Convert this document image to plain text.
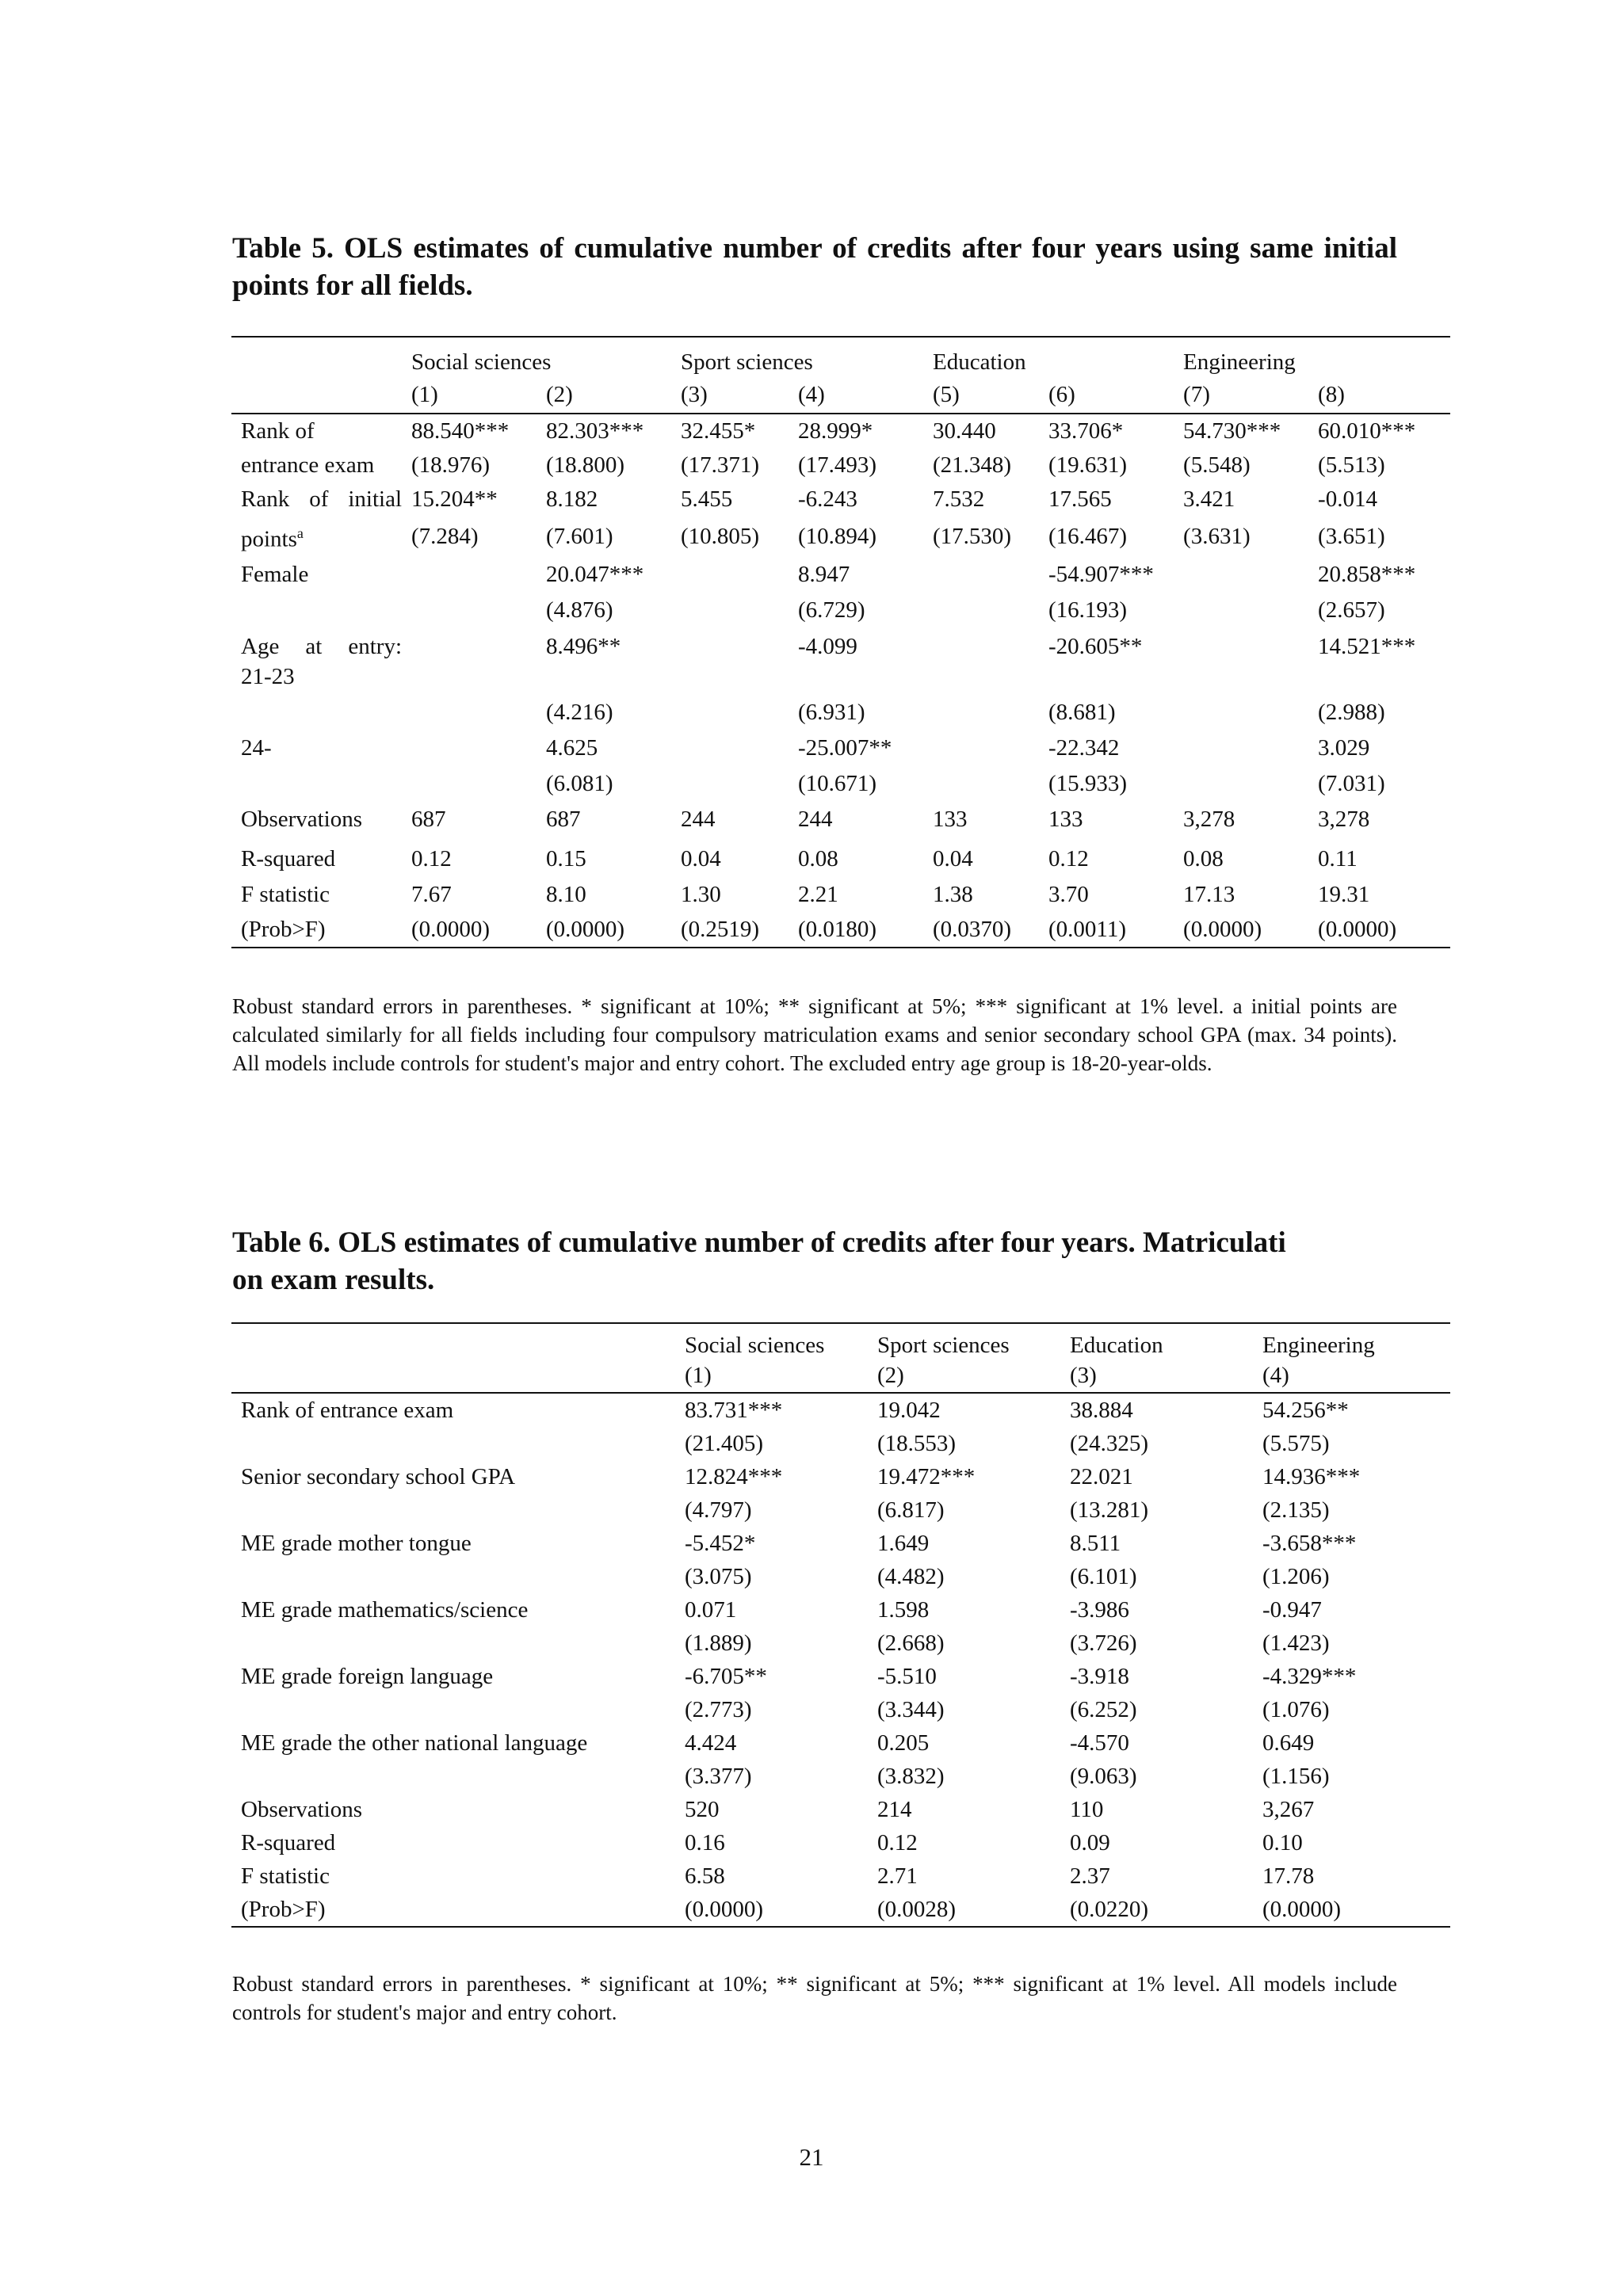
Table 5. OLS estimates of cumulative number of credits after four years using same initial points for all fields.

	Social sciences		Sport sciences		Education		Engineering	
	(1)	(2)	(3)	(4)	(5)	(6)	(7)	(8)
Rank of	88.540***	82.303***	32.455*	28.999*	30.440	33.706*	54.730***	60.010***
entrance exam	(18.976)	(18.800)	(17.371)	(17.493)	(21.348)	(19.631)	(5.548)	(5.513)

Rank of initial
points$^a$	15.204**	8.182	5.455	-6.243	7.532	17.565	3.421	-0.014
	(7.284)	(7.601)	(10.805)	(10.894)	(17.530)	(16.467)	(3.631)	(3.651)
Female		20.047***		8.947		-54.907***		20.858***
		(4.876)		(6.729)		(16.193)		(2.657)

Age at entry:
21-23		8.496**		-4.099		-20.605**		14.521***
		(4.216)		(6.931)		(8.681)		(2.988)
24-		4.625		-25.007**		-22.342		3.029
		(6.081)		(10.671)		(15.933)		(7.031)
Observations	687	687	244	244	133	133	3,278	3,278
R-squared	0.12	0.15	0.04	0.08	0.04	0.12	0.08	0.11
F statistic	7.67	8.10	1.30	2.21	1.38	3.70	17.13	19.31
(Prob>F)	(0.0000)	(0.0000)	(0.2519)	(0.0180)	(0.0370)	(0.0011)	(0.0000)	(0.0000)

Robust standard errors in parentheses. * significant at 10%; ** significant at 5%; *** significant at 1% level. a initial points are calculated similarly for all fields including four compulsory matriculation exams and senior secondary school GPA (max. 34 points). All models include controls for student's major and entry cohort. The excluded entry age group is 18-20-year-olds.

Table 6. OLS estimates of cumulative number of credits after four years. Matriculati
on exam results.
	Social sciences	Sport sciences	Education	Engineering
	(1)	(2)	(3)	(4)
Rank of entrance exam	83.731***	19.042	38.884	54.256**
	(21.405)	(18.553)	(24.325)	(5.575)
Senior secondary school GPA	12.824***	19.472***	22.021	14.936***
	(4.797)	(6.817)	(13.281)	(2.135)
ME grade mother tongue	-5.452*	1.649	8.511	-3.658***
	(3.075)	(4.482)	(6.101)	(1.206)
ME grade mathematics/science	0.071	1.598	-3.986	-0.947
	(1.889)	(2.668)	(3.726)	(1.423)
ME grade foreign language	-6.705**	-5.510	-3.918	-4.329***
	(2.773)	(3.344)	(6.252)	(1.076)
ME grade the other national language	4.424	0.205	-4.570	0.649
	(3.377)	(3.832)	(9.063)	(1.156)
Observations	520	214	110	3,267
R-squared	0.16	0.12	0.09	0.10
F statistic	6.58	2.71	2.37	17.78
(Prob>F)	(0.0000)	(0.0028)	(0.0220)	(0.0000)

Robust standard errors in parentheses. * significant at 10%; ** significant at 5%; *** significant at 1% level. All models include controls for student's major and entry cohort.

21
